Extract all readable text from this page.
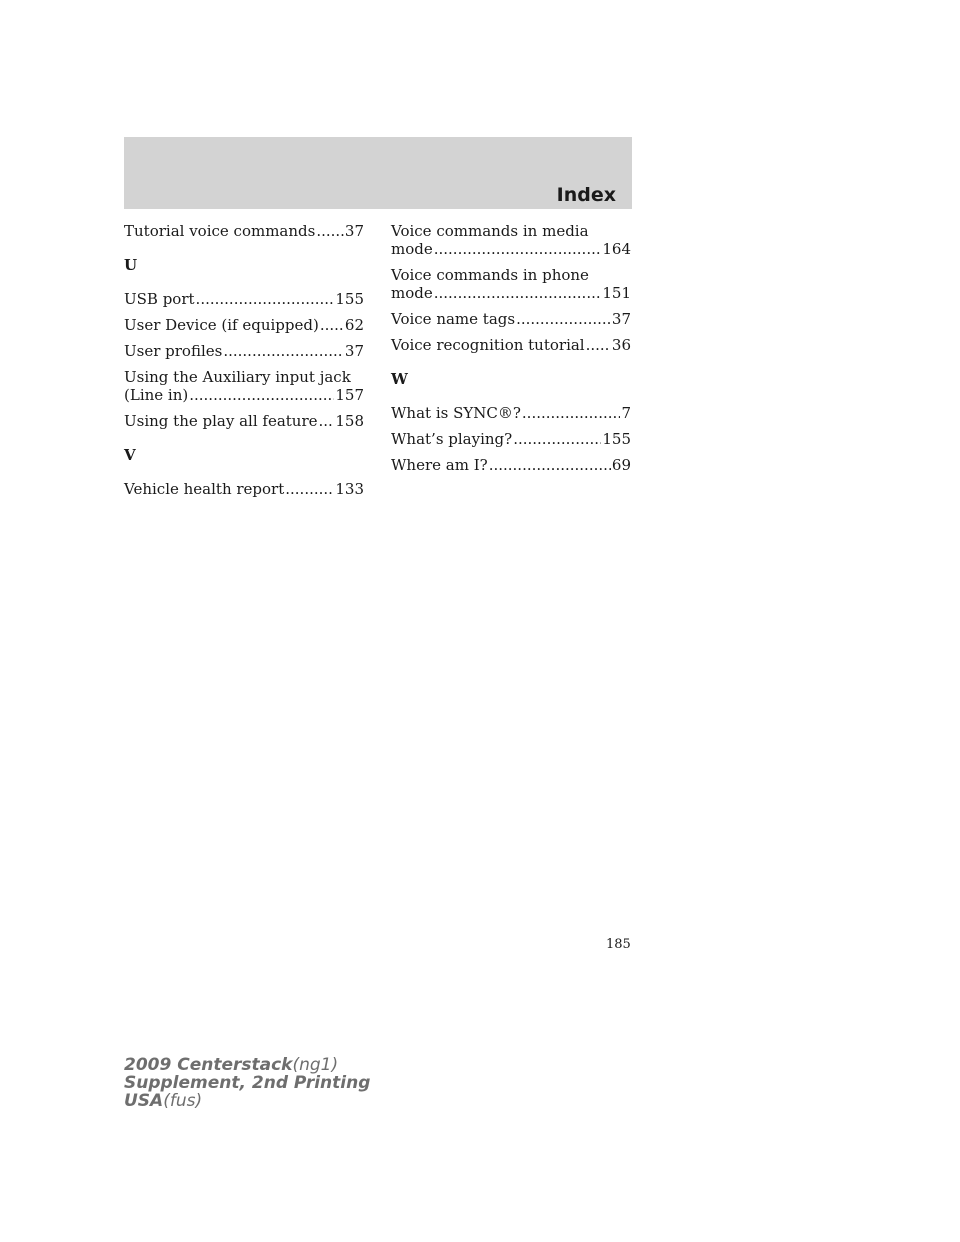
Index
Tutorial voice commands ..... 37
U
USB port .....	155
User Device (if equipped) ..... 62
User profiles .....	37
Using the Auxiliary input jack
(Line in) .....	157
Using the play all feature ..... 158
V
Vehicle health report .....	133
Voice commands in media
mode .....	164
Voice commands in phone
mode .....	151
Voice name tags .....	37
Voice recognition tutorial ..... 36
W
What is SYNC®? .....	7
What’s playing? .....	155
Where am I? .....	69

185

2009 Centerstack(ng1)

Supplement, 2nd Printing

USA(fus)
